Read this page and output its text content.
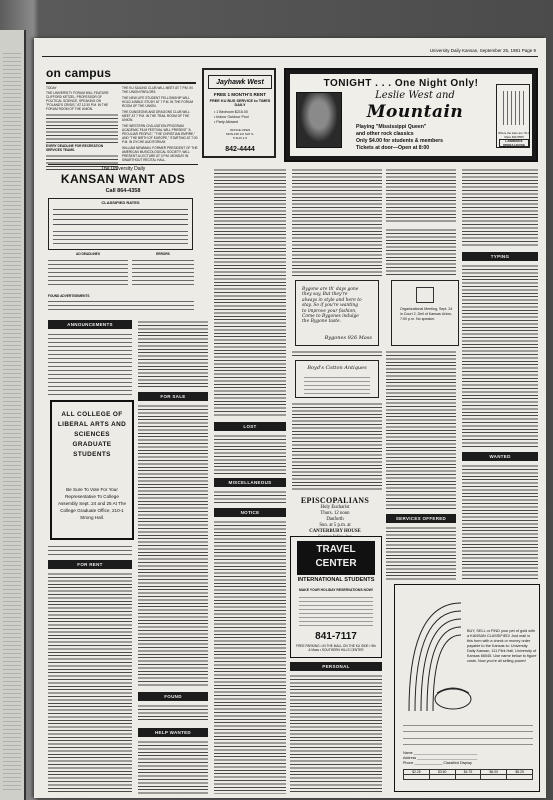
University Daily Kansan, September 25, 1981 Page 9
on campus
TODAY
THE UNIVERSITY FORUM WILL FEATURE CLIFFORD KETZEL, PROFESSOR OF POLITICAL SCIENCE, SPEAKING ON "POLAND'S CRISIS," AT 12:30 P.M. IN THE FORUM ROOM OF THE UNION.
EVERY DEADLINE FOR RECREATION SERVICES TEAMS.
THE KU SAILING CLUB WILL MEET AT 7 P.M. IN THE UNION PARLORS.
THE NEW LIFE STUDENT FELLOWSHIP WILL HOLD A BIBLE STUDY AT 7 P.M. IN THE FORUM ROOM OF THE UNION.
THE DUNGEONS AND DRAGONS CLUB WILL MEET AT 7 P.M. IN THE TRAIL ROOM OF THE UNION.
THE WESTERN CIVILIZATION PROGRAM ACADEMIC FILM FESTIVAL WILL PRESENT "A PECULIAR PEOPLE," "THE CHRISTIAN EMPIRE," AND "THE BIRTH OF EUROPE," STARTING AT 7:30 P.M. IN DYCHE AUDITORIUM.
WILLIAM NEWMAN, FORMER PRESIDENT OF THE AMERICAN MUSICOLOGICAL SOCIETY, WILL PRESENT A LECTURE AT 3 P.M. MONDAY IN SWARTHOUT RECITAL HALL.
Jayhawk West
FREE 1 MONTH'S RENT
FREE KU BUS SERVICE to TIMES DAILY
• 1 Bedroom $215.00
• Indoor Outdoor Pool
• Party Allowed
OFFICE OPEN MON-FRI 9-6 SAT 9-5 SUN 1-5
842-4444
TONIGHT . . . One Night Only!
Leslie West and
Mountain
Playing "Mississippi Queen"
and other rock classics
Only $4.00 for students & members
Tickets at door—Open at 8:00
Where the stars are 7th & Mass 842-5555
LAWRENCE OPERA HOUSE
The University Daily
KANSAN WANT ADS
Call 864-4358
CLASSIFIED RATES
AD DEADLINES	ERRORS
FOUND ADVERTISEMENTS
ANNOUNCEMENTS
ALL COLLEGE OF LIBERAL ARTS AND SCIENCES GRADUATE STUDENTS
Be Sure To Vote For Your Representative To College Assembly Sept. 24 and 25 At The College Graduate Office, 210-1 Strong Hall.
FOR RENT
FOR SALE
FOUND
HELP WANTED
LOST
MISCELLANEOUS
NOTICE
Bygone are th' days gone they say, But they're always in style and here to stay. So if you're wanting to improve your fashion, Come to Bygones indulge the Bygone taste.
Bygones 926 Mass
Boyd's Cotton Antiques
EPISCOPALIANS
Holy Eucharist
Thurs. 12 noon
Danforth
Sun. at 5 p.m. at
CANTERBURY HOUSE
TRAVEL CENTER
INTERNATIONAL STUDENTS
MAKE YOUR HOLIDAY RESERVATIONS NOW!
841-7117
FREE PARKING • IN THE MALL ON THE KU SIDE • 9th & Mass • SOUTHERN HILLS CENTER
PERSONAL
Organizational Meeting, Sept. 24 in Court 2, Dell of Kansas Union, 7:00 p.m. No speaker.
SERVICES OFFERED
TYPING
WANTED
BUY, SELL or FIND your pet of gold with a KANSAN CLASSIFIED! Just mail in this form with a check or money order payable to the Kansas to: University Daily Kansan, 111 Flint Hall, University of Kansas 66045. Use name below to figure costs. Now you're all selling power!
Name ________________________________
Address ______________________________
Phone ______________ Classified Display
$2.25	$3.50	$4.75	$6.00	$8.25
